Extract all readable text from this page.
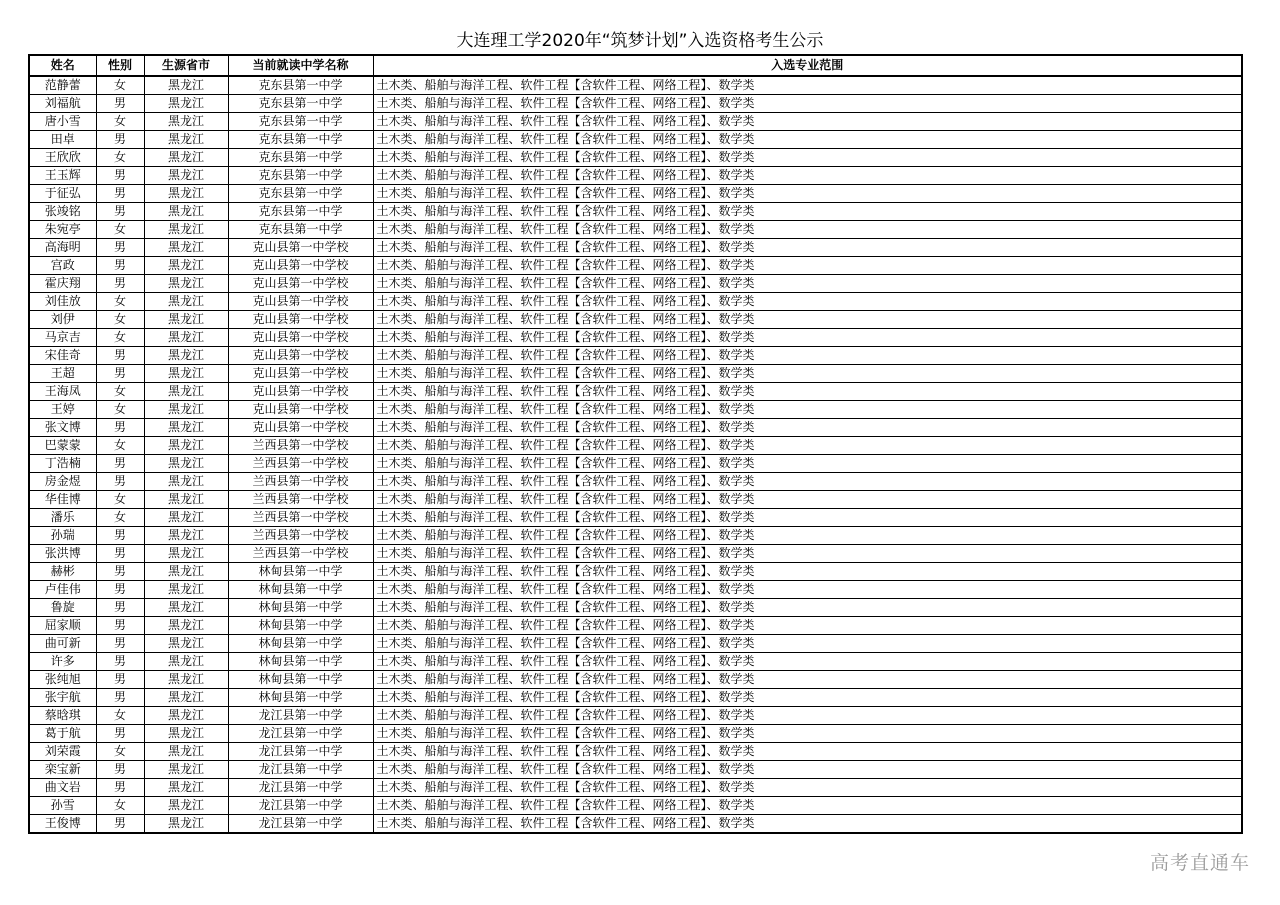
大连理工学2020年“筑梦计划”入选资格考生公示
姓名	性别	生源省市	当前就读中学名称	入选专业范围
范静蕾	女	黑龙江	克东县第一中学	土木类、船舶与海洋工程、软件工程【含软件工程、网络工程】、数学类
刘福航	男	黑龙江	克东县第一中学	土木类、船舶与海洋工程、软件工程【含软件工程、网络工程】、数学类
唐小雪	女	黑龙江	克东县第一中学	土木类、船舶与海洋工程、软件工程【含软件工程、网络工程】、数学类
田卓	男	黑龙江	克东县第一中学	土木类、船舶与海洋工程、软件工程【含软件工程、网络工程】、数学类
王欣欣	女	黑龙江	克东县第一中学	土木类、船舶与海洋工程、软件工程【含软件工程、网络工程】、数学类
王玉辉	男	黑龙江	克东县第一中学	土木类、船舶与海洋工程、软件工程【含软件工程、网络工程】、数学类
于征弘	男	黑龙江	克东县第一中学	土木类、船舶与海洋工程、软件工程【含软件工程、网络工程】、数学类
张竣铭	男	黑龙江	克东县第一中学	土木类、船舶与海洋工程、软件工程【含软件工程、网络工程】、数学类
朱宛亭	女	黑龙江	克东县第一中学	土木类、船舶与海洋工程、软件工程【含软件工程、网络工程】、数学类
高海明	男	黑龙江	克山县第一中学校	土木类、船舶与海洋工程、软件工程【含软件工程、网络工程】、数学类
宫政	男	黑龙江	克山县第一中学校	土木类、船舶与海洋工程、软件工程【含软件工程、网络工程】、数学类
霍庆翔	男	黑龙江	克山县第一中学校	土木类、船舶与海洋工程、软件工程【含软件工程、网络工程】、数学类
刘佳放	女	黑龙江	克山县第一中学校	土木类、船舶与海洋工程、软件工程【含软件工程、网络工程】、数学类
刘伊	女	黑龙江	克山县第一中学校	土木类、船舶与海洋工程、软件工程【含软件工程、网络工程】、数学类
马京吉	女	黑龙江	克山县第一中学校	土木类、船舶与海洋工程、软件工程【含软件工程、网络工程】、数学类
宋佳奇	男	黑龙江	克山县第一中学校	土木类、船舶与海洋工程、软件工程【含软件工程、网络工程】、数学类
王超	男	黑龙江	克山县第一中学校	土木类、船舶与海洋工程、软件工程【含软件工程、网络工程】、数学类
王海凤	女	黑龙江	克山县第一中学校	土木类、船舶与海洋工程、软件工程【含软件工程、网络工程】、数学类
王婷	女	黑龙江	克山县第一中学校	土木类、船舶与海洋工程、软件工程【含软件工程、网络工程】、数学类
张文博	男	黑龙江	克山县第一中学校	土木类、船舶与海洋工程、软件工程【含软件工程、网络工程】、数学类
巴蒙蒙	女	黑龙江	兰西县第一中学校	土木类、船舶与海洋工程、软件工程【含软件工程、网络工程】、数学类
丁浩楠	男	黑龙江	兰西县第一中学校	土木类、船舶与海洋工程、软件工程【含软件工程、网络工程】、数学类
房金煜	男	黑龙江	兰西县第一中学校	土木类、船舶与海洋工程、软件工程【含软件工程、网络工程】、数学类
华佳博	女	黑龙江	兰西县第一中学校	土木类、船舶与海洋工程、软件工程【含软件工程、网络工程】、数学类
潘乐	女	黑龙江	兰西县第一中学校	土木类、船舶与海洋工程、软件工程【含软件工程、网络工程】、数学类
孙瑞	男	黑龙江	兰西县第一中学校	土木类、船舶与海洋工程、软件工程【含软件工程、网络工程】、数学类
张洪博	男	黑龙江	兰西县第一中学校	土木类、船舶与海洋工程、软件工程【含软件工程、网络工程】、数学类
赫彬	男	黑龙江	林甸县第一中学	土木类、船舶与海洋工程、软件工程【含软件工程、网络工程】、数学类
卢佳伟	男	黑龙江	林甸县第一中学	土木类、船舶与海洋工程、软件工程【含软件工程、网络工程】、数学类
鲁旋	男	黑龙江	林甸县第一中学	土木类、船舶与海洋工程、软件工程【含软件工程、网络工程】、数学类
屈家顺	男	黑龙江	林甸县第一中学	土木类、船舶与海洋工程、软件工程【含软件工程、网络工程】、数学类
曲可新	男	黑龙江	林甸县第一中学	土木类、船舶与海洋工程、软件工程【含软件工程、网络工程】、数学类
许多	男	黑龙江	林甸县第一中学	土木类、船舶与海洋工程、软件工程【含软件工程、网络工程】、数学类
张纯旭	男	黑龙江	林甸县第一中学	土木类、船舶与海洋工程、软件工程【含软件工程、网络工程】、数学类
张宇航	男	黑龙江	林甸县第一中学	土木类、船舶与海洋工程、软件工程【含软件工程、网络工程】、数学类
蔡晗琪	女	黑龙江	龙江县第一中学	土木类、船舶与海洋工程、软件工程【含软件工程、网络工程】、数学类
葛于航	男	黑龙江	龙江县第一中学	土木类、船舶与海洋工程、软件工程【含软件工程、网络工程】、数学类
刘荣霞	女	黑龙江	龙江县第一中学	土木类、船舶与海洋工程、软件工程【含软件工程、网络工程】、数学类
栾宝新	男	黑龙江	龙江县第一中学	土木类、船舶与海洋工程、软件工程【含软件工程、网络工程】、数学类
曲文岩	男	黑龙江	龙江县第一中学	土木类、船舶与海洋工程、软件工程【含软件工程、网络工程】、数学类
孙雪	女	黑龙江	龙江县第一中学	土木类、船舶与海洋工程、软件工程【含软件工程、网络工程】、数学类
王俊博	男	黑龙江	龙江县第一中学	土木类、船舶与海洋工程、软件工程【含软件工程、网络工程】、数学类
高考直通车
